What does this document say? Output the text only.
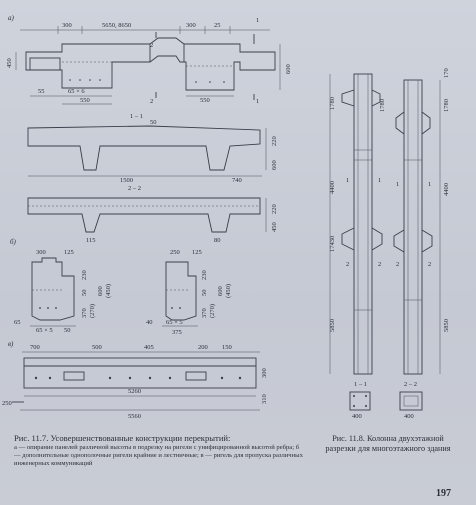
a)
300	5650, 8650	300	25
1
1
2
2
450
600
55	65 × 6
550	550
1 – 1
50
1500	740
220
600
2 – 2
115	80
220
450
б)
300	125
65
65 × 5 50
230
50
370 (270)
600 (450)
250 125
40 65 × 5
375
230
50
370 (270)
600 (450)
в)	700	500	405	200 150
250
5260
5560
300
310
1780
4400
17430
5850
1780
1	1
2	2
1 – 1
400
170
1780
4400
5850
1	1
2	2
2 – 2
400
Рис. 11.7. Усовершенствованные конструкции перекрытий:
а — опирание панелей различной высоты в подрезку на ригели с унифицированной высотой ребра; б — дополнительные однополочные ригели крайние и лестничные; в — ригель для пропуска различных инженерных коммуникаций
Рис. 11.8. Колонна двухэтажной разрезки для многоэтажного здания
197
